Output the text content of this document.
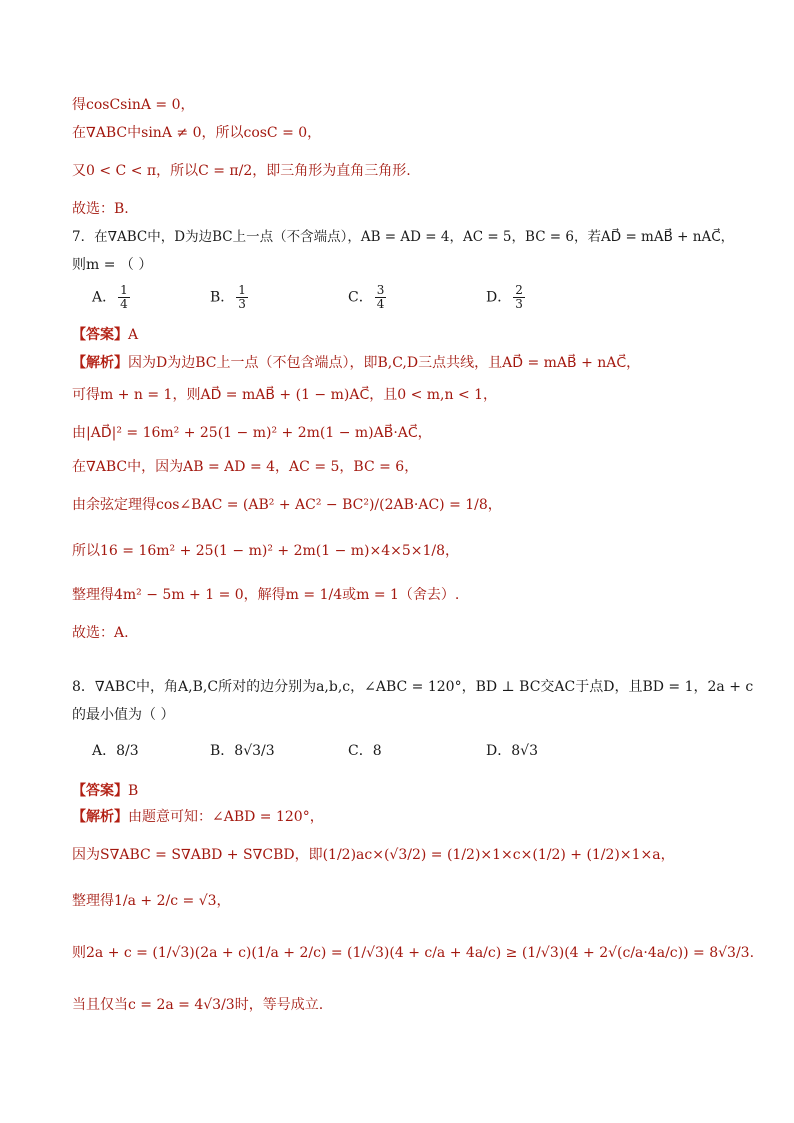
得cosCsinA = 0，
在∇ABC中sinA ≠ 0，所以cosC = 0，
又0 < C < π，所以C = π/2，即三角形为直角三角形.
故选：B.
7．在∇ABC中，D为边BC上一点（不含端点），AB = AD = 4，AC = 5，BC = 6，若AD⃗ = mAB⃗ + nAC⃗，
则m = （ ）
A． $\frac{1}{4}$	B． $\frac{1}{3}$	C． $\frac{3}{4}$	D． $\frac{2}{3}$
【答案】A
【解析】因为D为边BC上一点（不包含端点），即B,C,D三点共线，且AD⃗ = mAB⃗ + nAC⃗，
可得m + n = 1，则AD⃗ = mAB⃗ + (1 − m)AC⃗，且0 < m,n < 1，
由|AD⃗|² = 16m² + 25(1 − m)² + 2m(1 − m)AB⃗·AC⃗，
在∇ABC中，因为AB = AD = 4，AC = 5，BC = 6，
由余弦定理得cos∠BAC = (AB² + AC² − BC²)/(2AB·AC) = 1/8，
所以16 = 16m² + 25(1 − m)² + 2m(1 − m)×4×5×1/8，
整理得4m² − 5m + 1 = 0，解得m = 1/4或m = 1（舍去）.
故选：A.
8．∇ABC中，角A,B,C所对的边分别为a,b,c，∠ABC = 120°，BD ⊥ BC交AC于点D，且BD = 1，2a + c
的最小值为（ ）
A．8/3	B．8√3/3	C．8	D．8√3
【答案】B
【解析】由题意可知：∠ABD = 120°，
因为S∇ABC = S∇ABD + S∇CBD，即(1/2)ac×(√3/2) = (1/2)×1×c×(1/2) + (1/2)×1×a，
整理得1/a + 2/c = √3，
则2a + c = (1/√3)(2a + c)(1/a + 2/c) = (1/√3)(4 + c/a + 4a/c) ≥ (1/√3)(4 + 2√(c/a·4a/c)) = 8√3/3.
当且仅当c = 2a = 4√3/3时，等号成立.
